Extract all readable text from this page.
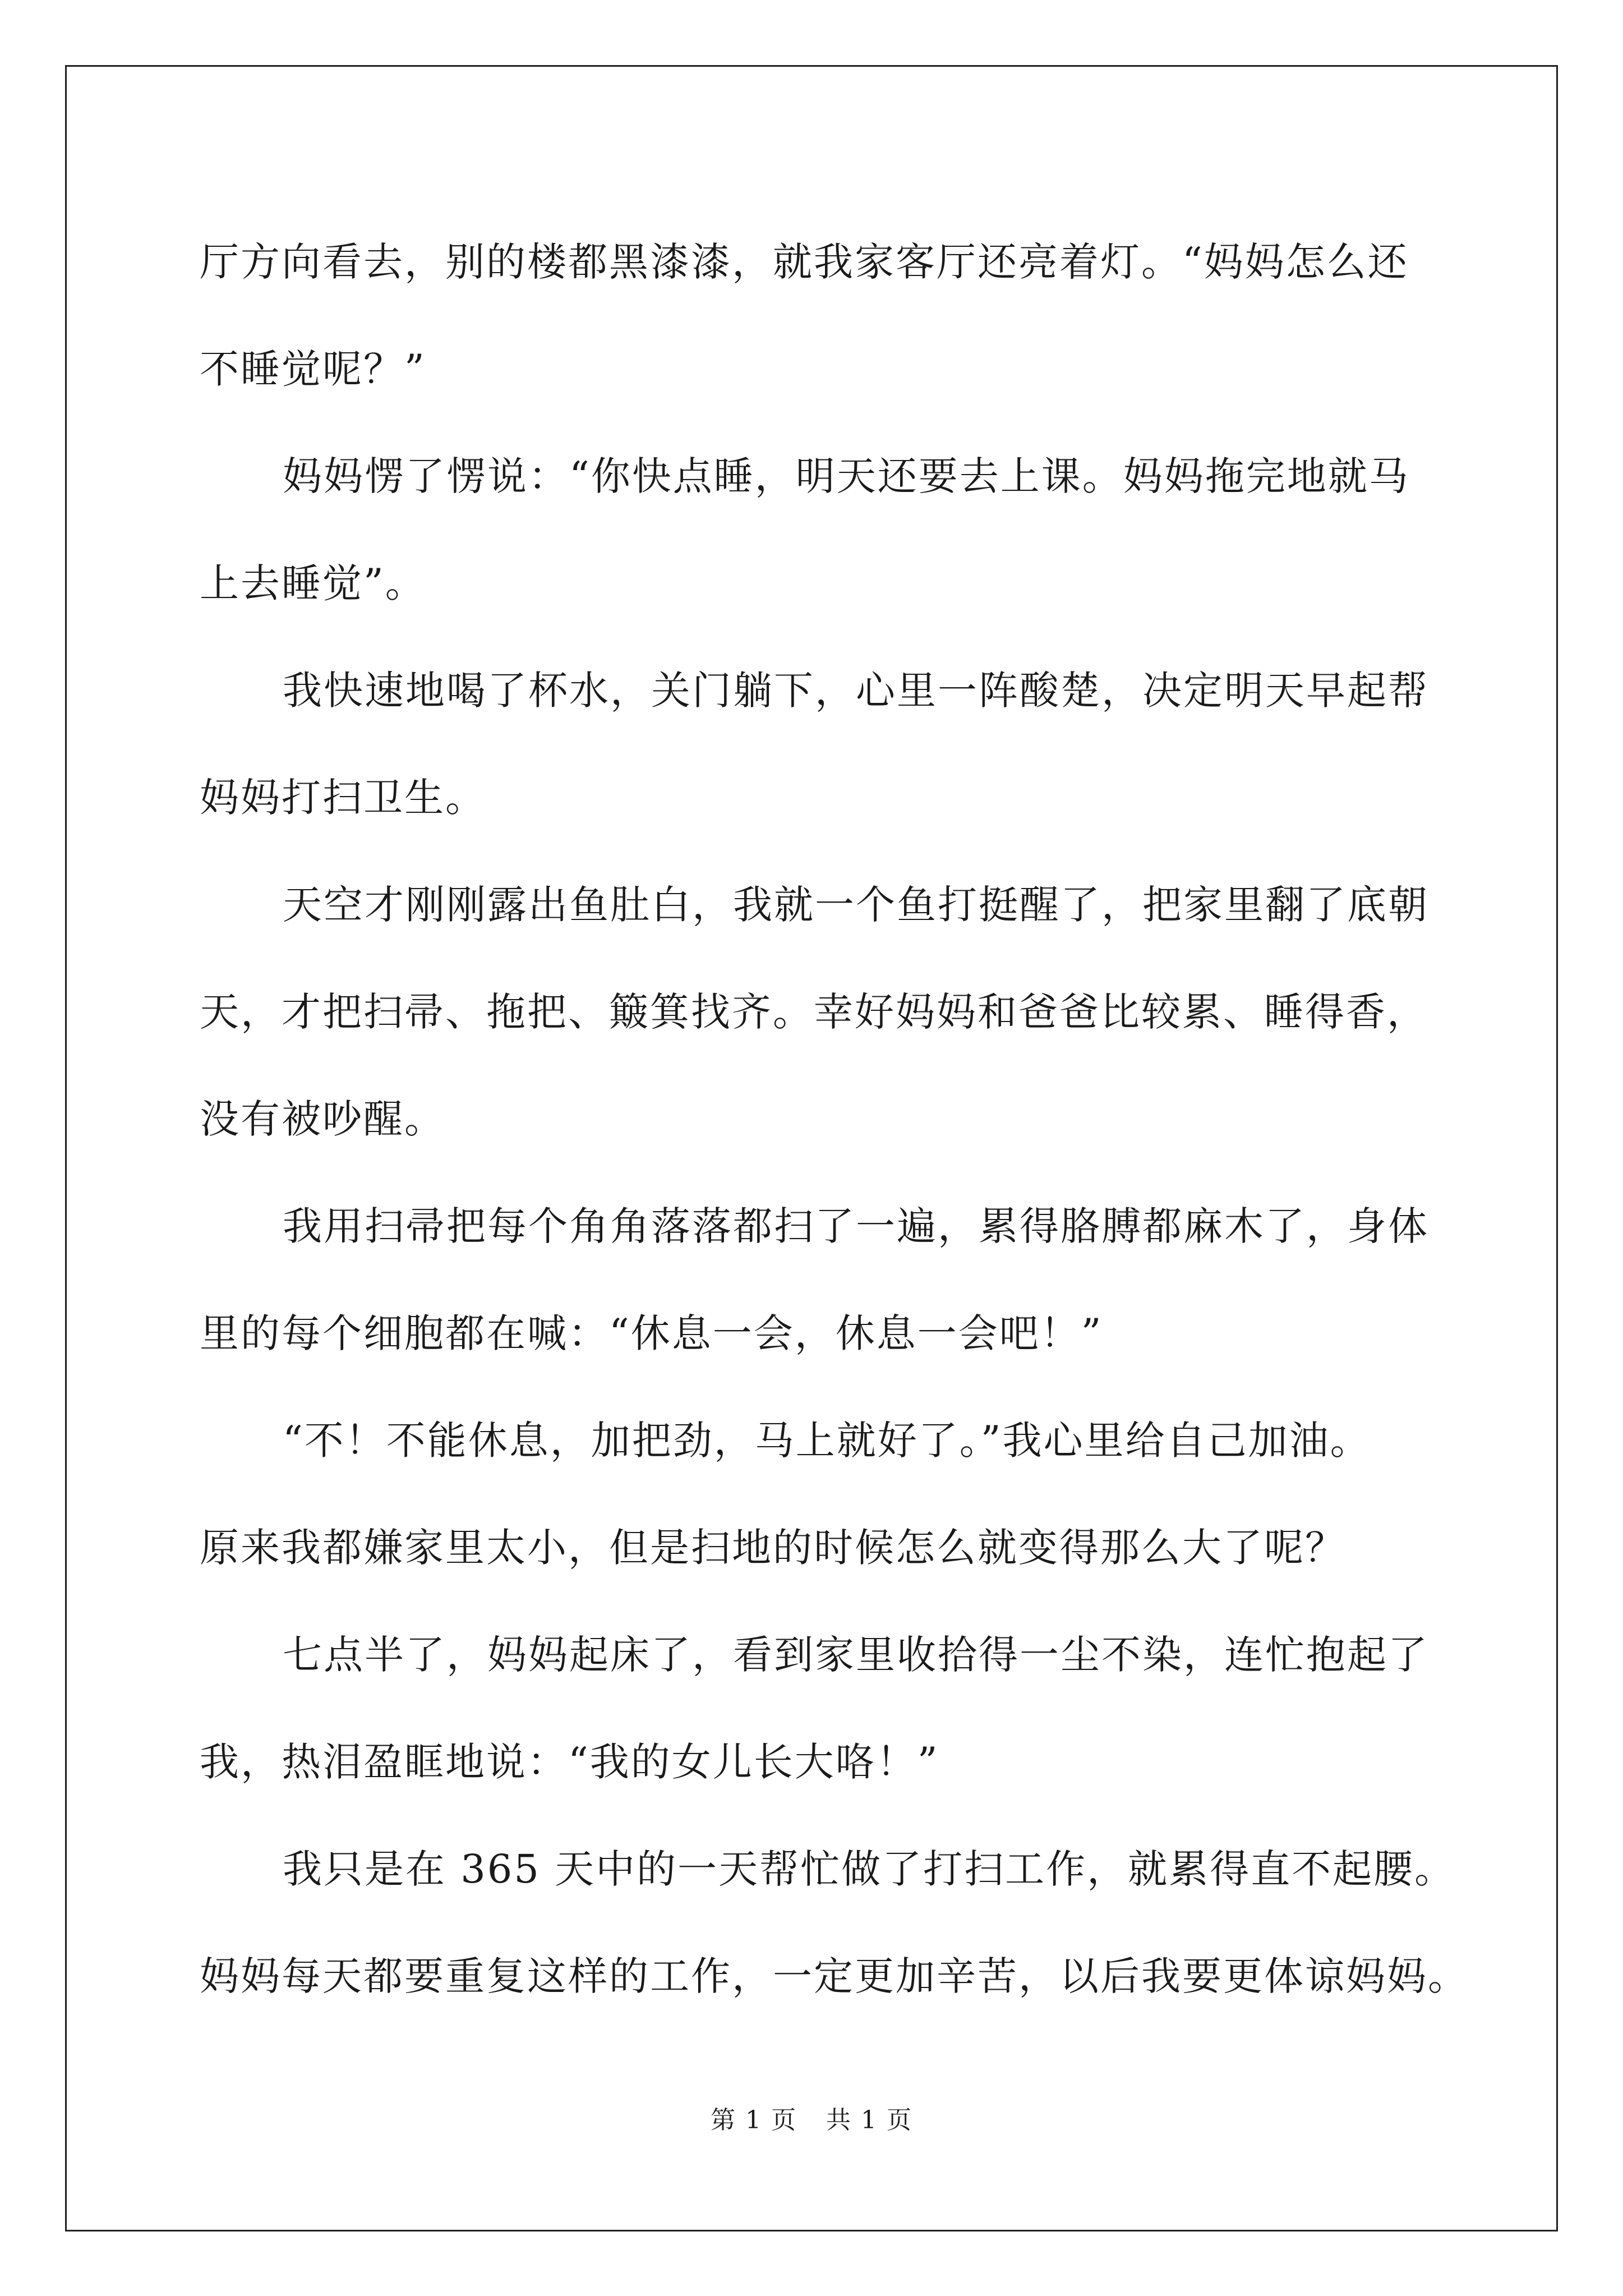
厅方向看去，别的楼都黑漆漆，就我家客厅还亮着灯。“妈妈怎么还
不睡觉呢？”

妈妈愣了愣说：“你快点睡，明天还要去上课。妈妈拖完地就马
上去睡觉”。

我快速地喝了杯水，关门躺下，心里一阵酸楚，决定明天早起帮
妈妈打扫卫生。

天空才刚刚露出鱼肚白，我就一个鱼打挺醒了，把家里翻了底朝
天，才把扫帚、拖把、簸箕找齐。幸好妈妈和爸爸比较累、睡得香，
没有被吵醒。

我用扫帚把每个角角落落都扫了一遍，累得胳膊都麻木了，身体
里的每个细胞都在喊：“休息一会，休息一会吧！”

“不！不能休息，加把劲，马上就好了。”我心里给自己加油。
原来我都嫌家里太小，但是扫地的时候怎么就变得那么大了呢？

七点半了，妈妈起床了，看到家里收拾得一尘不染，连忙抱起了
我，热泪盈眶地说：“我的女儿长大咯！”

我只是在 365 天中的一天帮忙做了打扫工作，就累得直不起腰。
妈妈每天都要重复这样的工作，一定更加辛苦，以后我要更体谅妈妈。

第 1 页 共 1 页
